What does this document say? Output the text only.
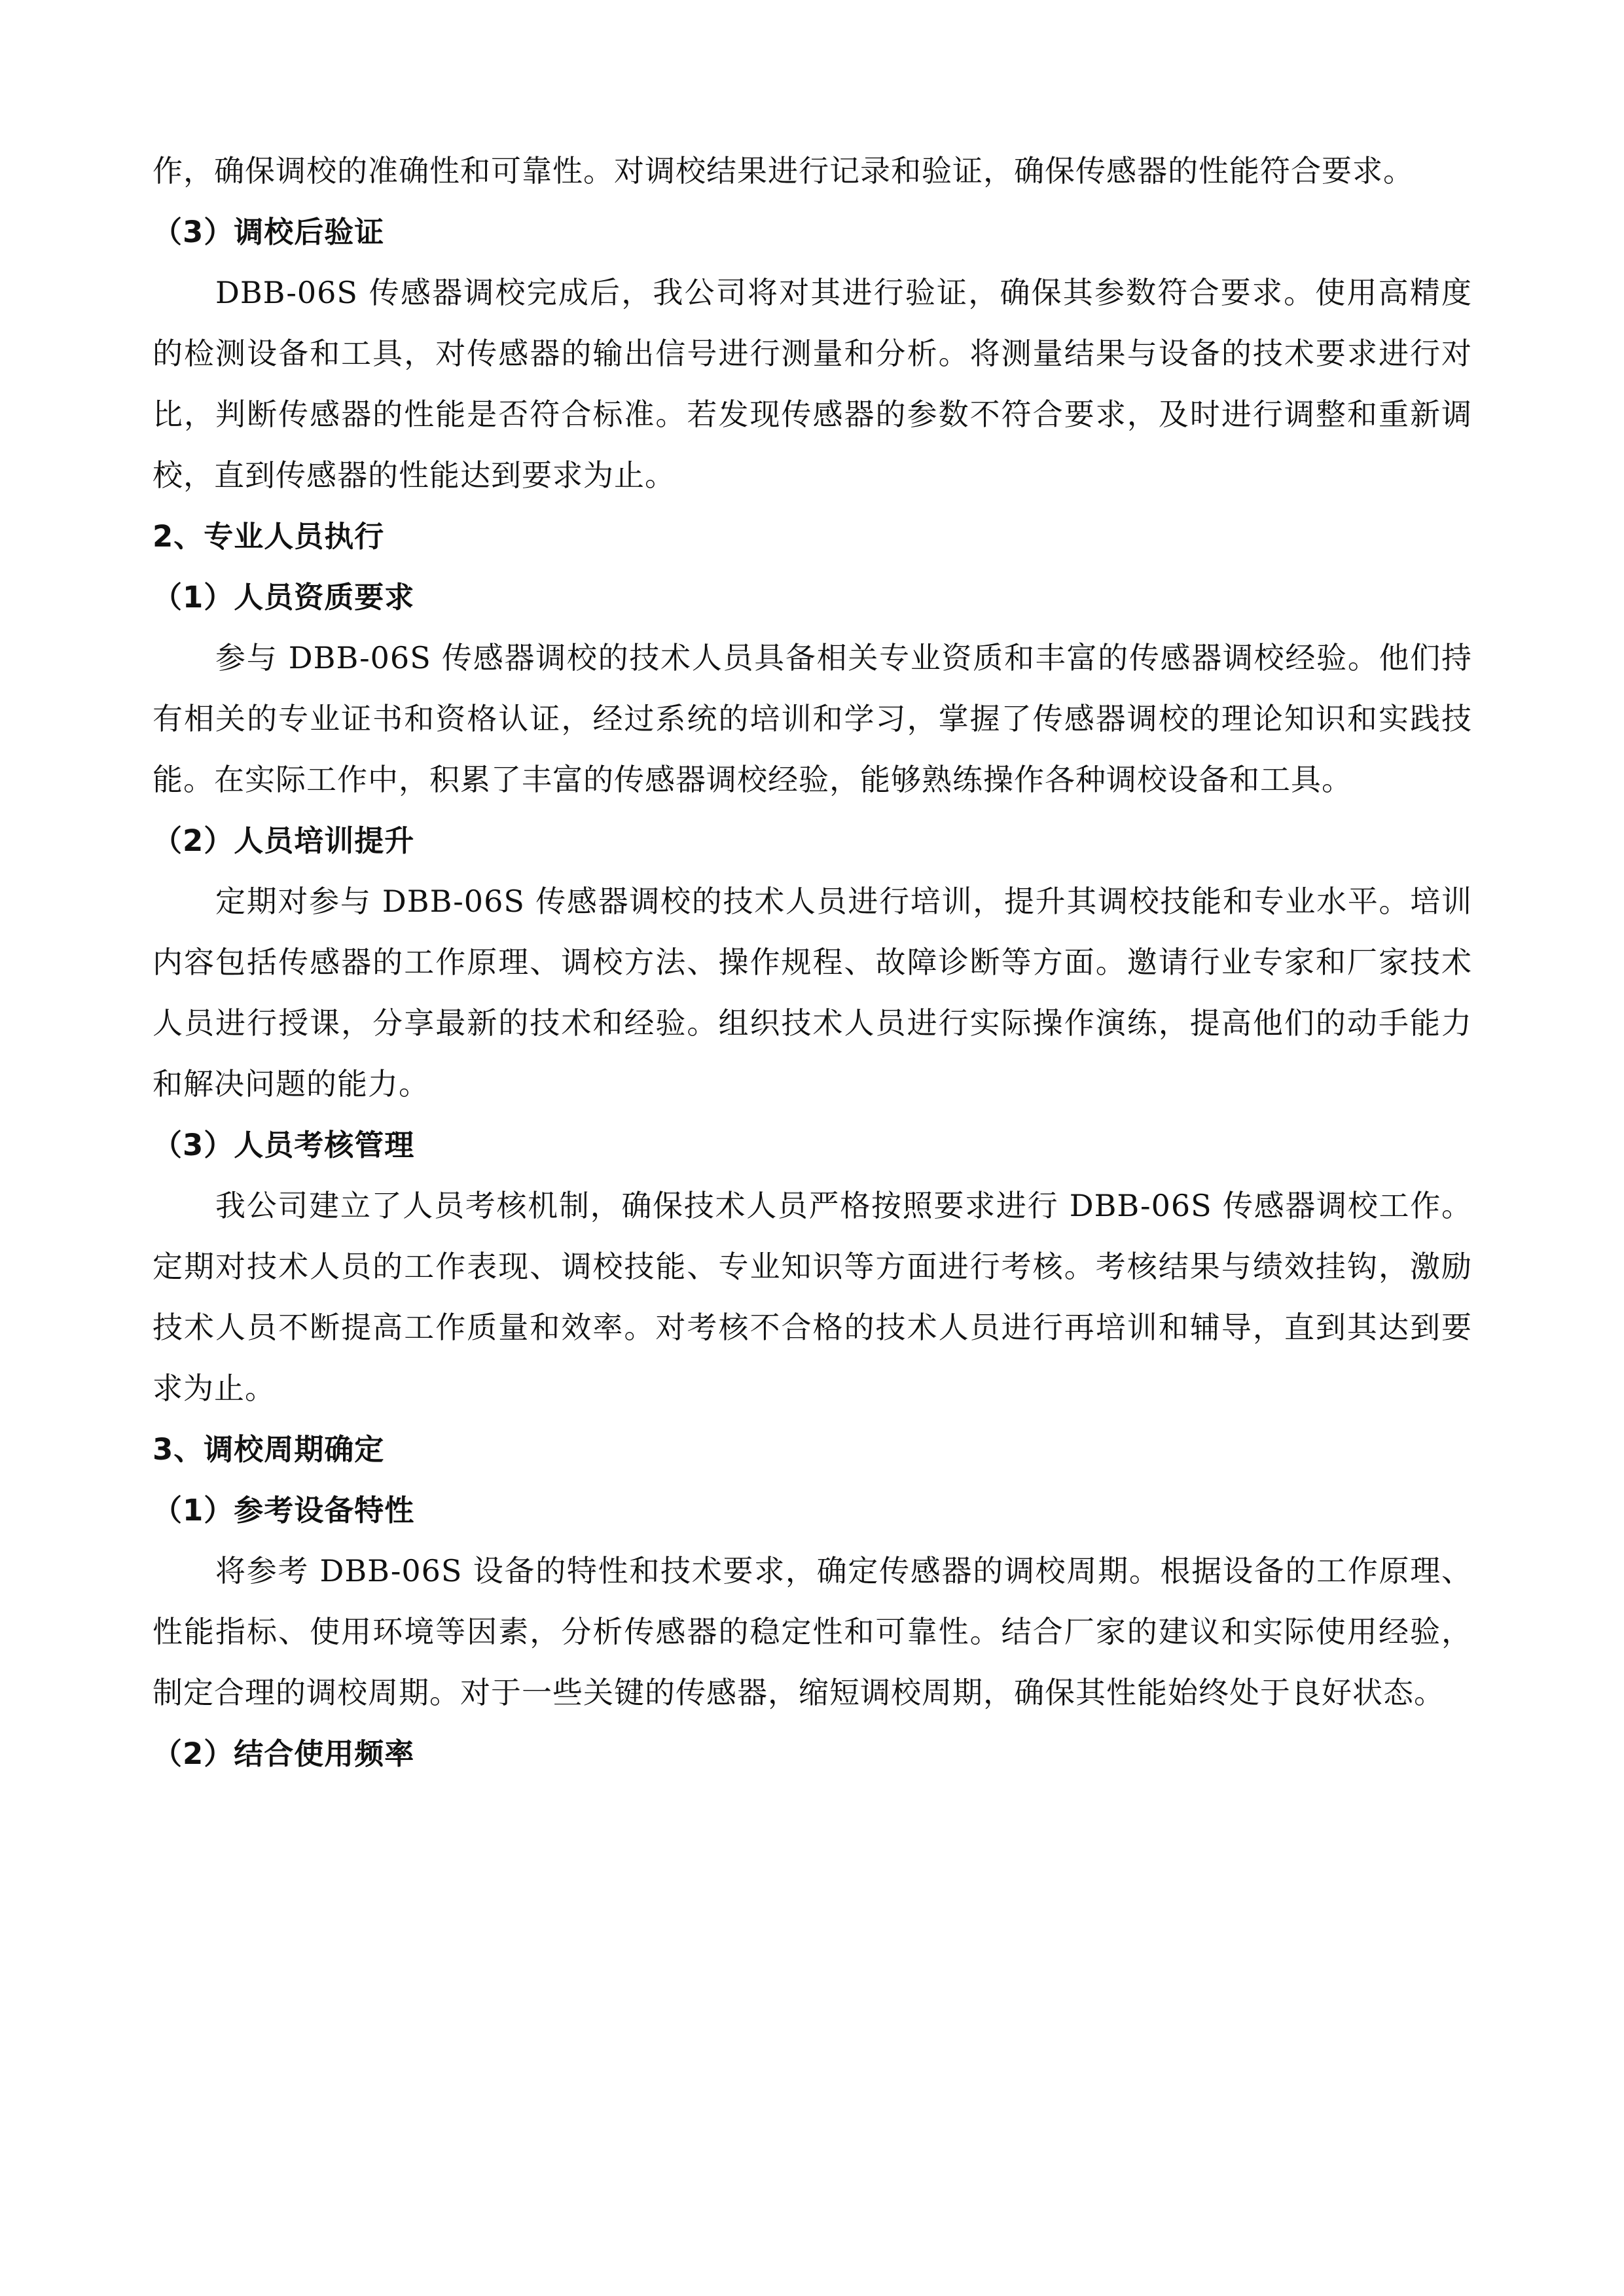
作，确保调校的准确性和可靠性。对调校结果进行记录和验证，确保传感器的性能符合要求。

（3）调校后验证

DBB-06S 传感器调校完成后，我公司将对其进行验证，确保其参数符合要求。使用高精度的检测设备和工具，对传感器的输出信号进行测量和分析。将测量结果与设备的技术要求进行对比，判断传感器的性能是否符合标准。若发现传感器的参数不符合要求，及时进行调整和重新调校，直到传感器的性能达到要求为止。

2、专业人员执行

（1）人员资质要求

参与 DBB-06S 传感器调校的技术人员具备相关专业资质和丰富的传感器调校经验。他们持有相关的专业证书和资格认证，经过系统的培训和学习，掌握了传感器调校的理论知识和实践技能。在实际工作中，积累了丰富的传感器调校经验，能够熟练操作各种调校设备和工具。

（2）人员培训提升

定期对参与 DBB-06S 传感器调校的技术人员进行培训，提升其调校技能和专业水平。培训内容包括传感器的工作原理、调校方法、操作规程、故障诊断等方面。邀请行业专家和厂家技术人员进行授课，分享最新的技术和经验。组织技术人员进行实际操作演练，提高他们的动手能力和解决问题的能力。

（3）人员考核管理

我公司建立了人员考核机制，确保技术人员严格按照要求进行 DBB-06S 传感器调校工作。定期对技术人员的工作表现、调校技能、专业知识等方面进行考核。考核结果与绩效挂钩，激励技术人员不断提高工作质量和效率。对考核不合格的技术人员进行再培训和辅导，直到其达到要求为止。

3、调校周期确定

（1）参考设备特性

将参考 DBB-06S 设备的特性和技术要求，确定传感器的调校周期。根据设备的工作原理、性能指标、使用环境等因素，分析传感器的稳定性和可靠性。结合厂家的建议和实际使用经验，制定合理的调校周期。对于一些关键的传感器，缩短调校周期，确保其性能始终处于良好状态。

（2）结合使用频率
